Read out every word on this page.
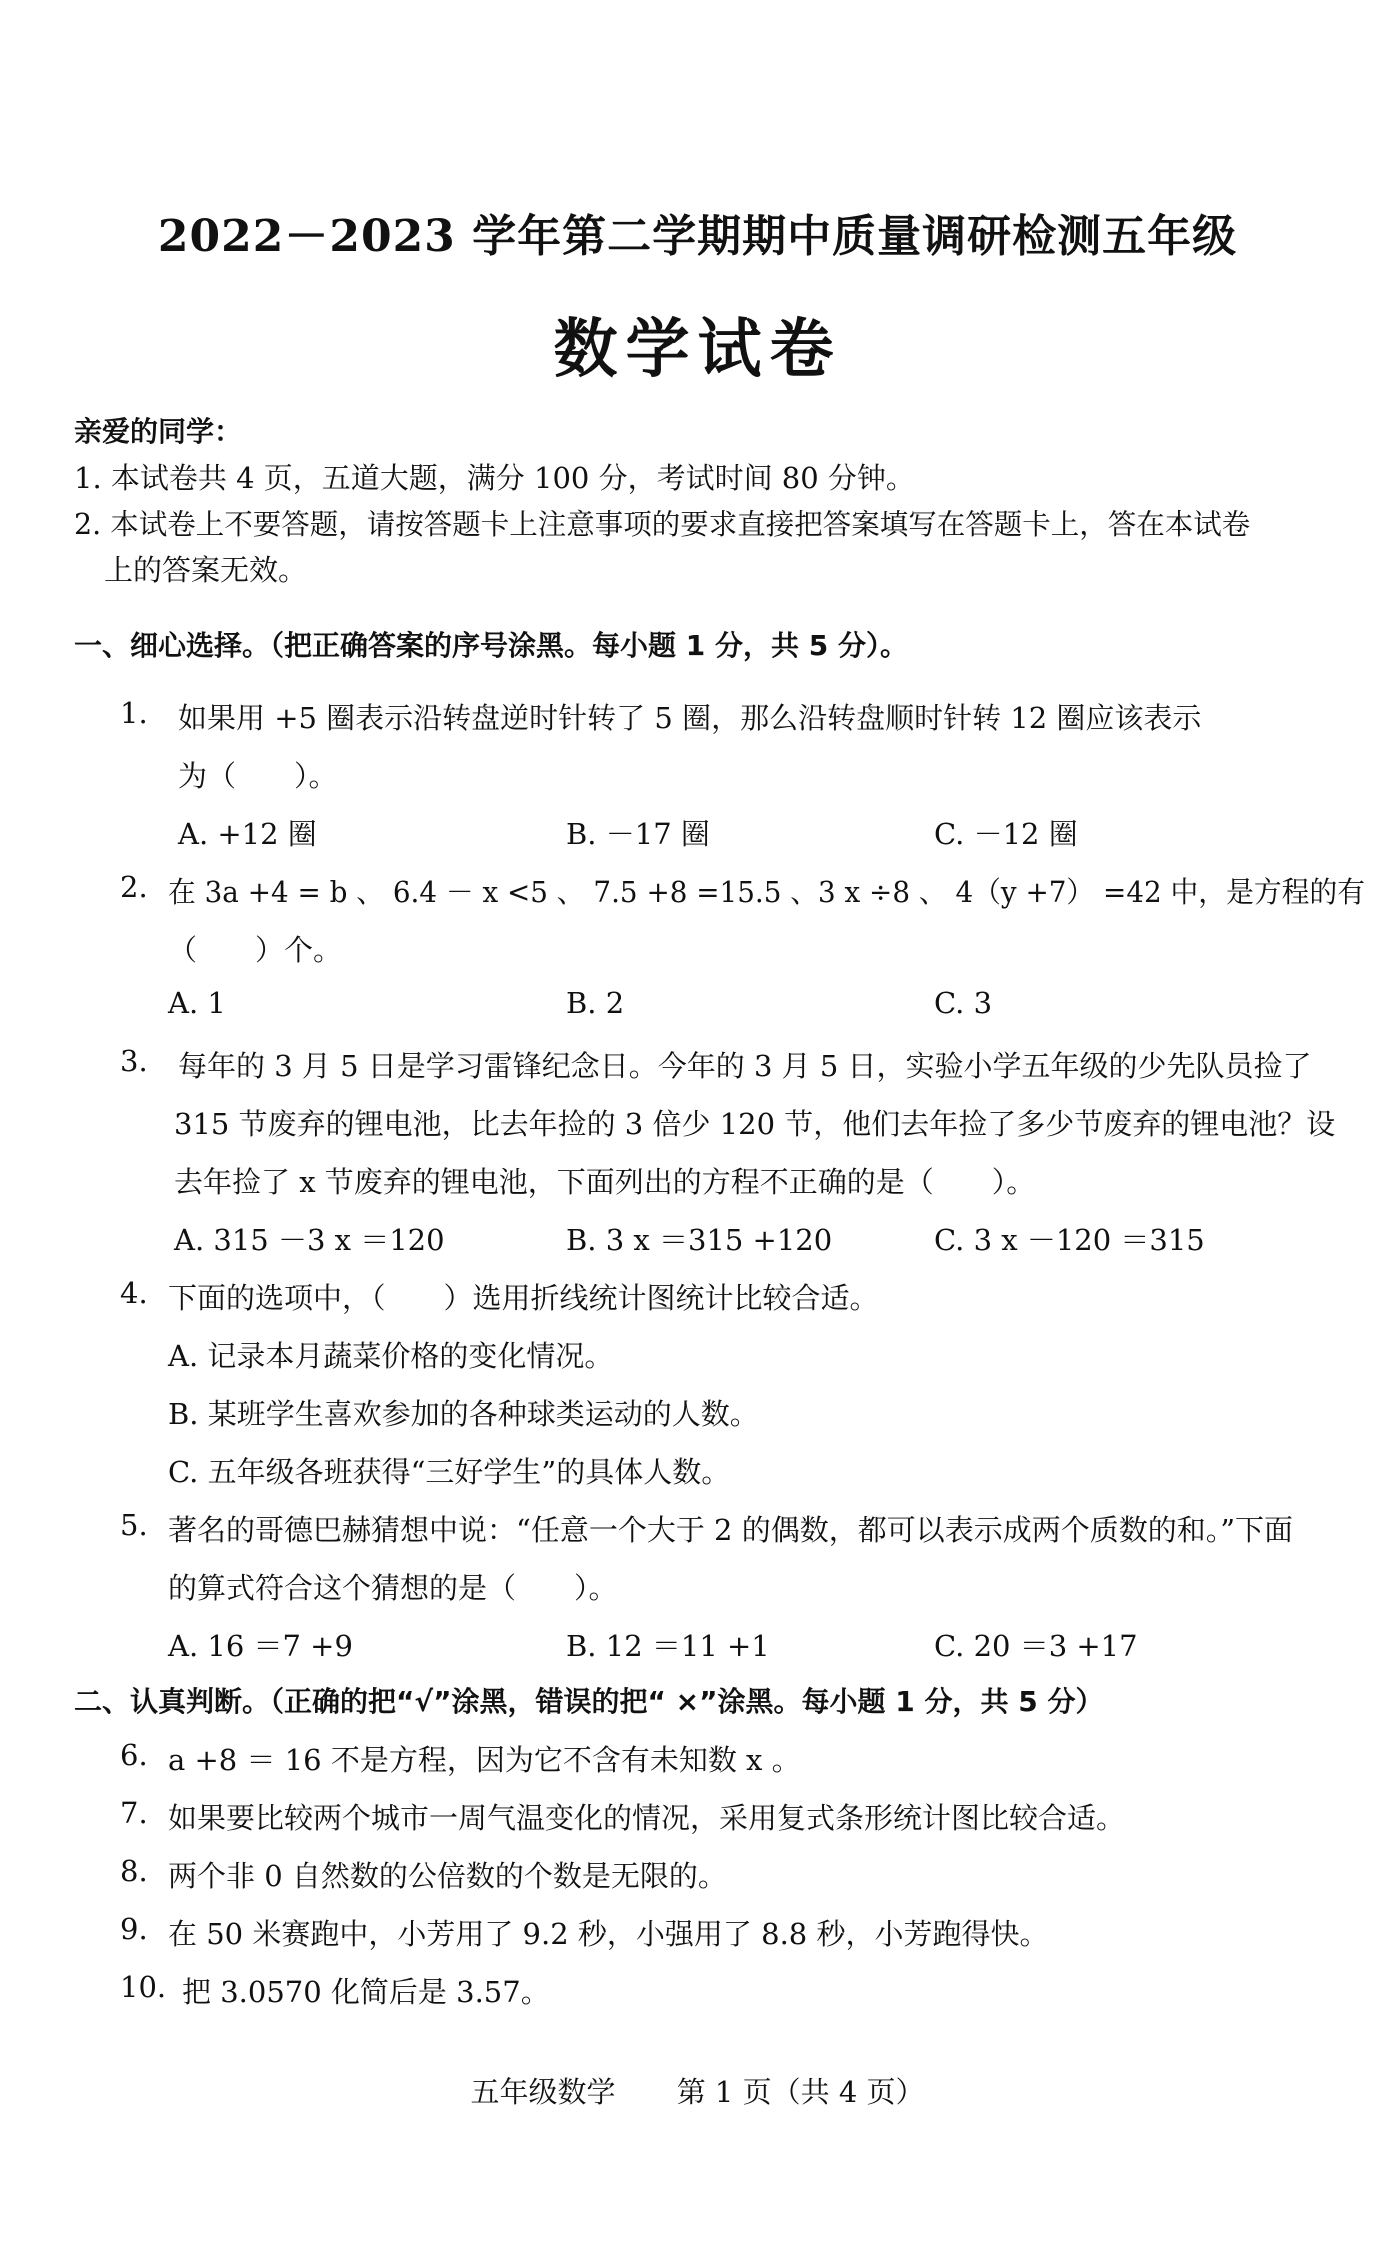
2022－2023 学年第二学期期中质量调研检测五年级
数学试卷
亲爱的同学：
1. 本试卷共 4 页，五道大题，满分 100 分，考试时间 80 分钟。
2. 本试卷上不要答题，请按答题卡上注意事项的要求直接把答案填写在答题卡上，答在本试卷
上的答案无效。
一、细心选择。（把正确答案的序号涂黑。每小题 1 分，共 5 分）。
1. 如果用 +5 圈表示沿转盘逆时针转了 5 圈，那么沿转盘顺时针转 12 圈应该表示
为（　　）。
A. +12 圈	B. －17 圈	C. －12 圈
2. 在 3a +4 = b 、 6.4 － x <5 、 7.5 +8 =15.5 、3 x ÷8 、 4（y +7） =42 中，是方程的有
（　　）个。
A. 1	B. 2	C. 3
3. 每年的 3 月 5 日是学习雷锋纪念日。今年的 3 月 5 日，实验小学五年级的少先队员捡了
315 节废弃的锂电池，比去年捡的 3 倍少 120 节，他们去年捡了多少节废弃的锂电池？设
去年捡了 x 节废弃的锂电池，下面列出的方程不正确的是（　　）。
A. 315 －3 x ＝120	B. 3 x ＝315 +120	C. 3 x －120 ＝315
4. 下面的选项中，（　　）选用折线统计图统计比较合适。
A. 记录本月蔬菜价格的变化情况。
B. 某班学生喜欢参加的各种球类运动的人数。
C. 五年级各班获得“三好学生”的具体人数。
5. 著名的哥德巴赫猜想中说：“任意一个大于 2 的偶数，都可以表示成两个质数的和。”下面
的算式符合这个猜想的是（　　）。
A. 16 ＝7 +9	B. 12 ＝11 +1	C. 20 ＝3 +17
二、认真判断。（正确的把“√”涂黑，错误的把“ ×”涂黑。每小题 1 分，共 5 分）
6. a +8 ＝ 16 不是方程，因为它不含有未知数 x 。
7. 如果要比较两个城市一周气温变化的情况，采用复式条形统计图比较合适。
8. 两个非 0 自然数的公倍数的个数是无限的。
9. 在 50 米赛跑中，小芳用了 9.2 秒，小强用了 8.8 秒，小芳跑得快。
10. 把 3.0570 化简后是 3.57。
五年级数学 第 1 页（共 4 页）
